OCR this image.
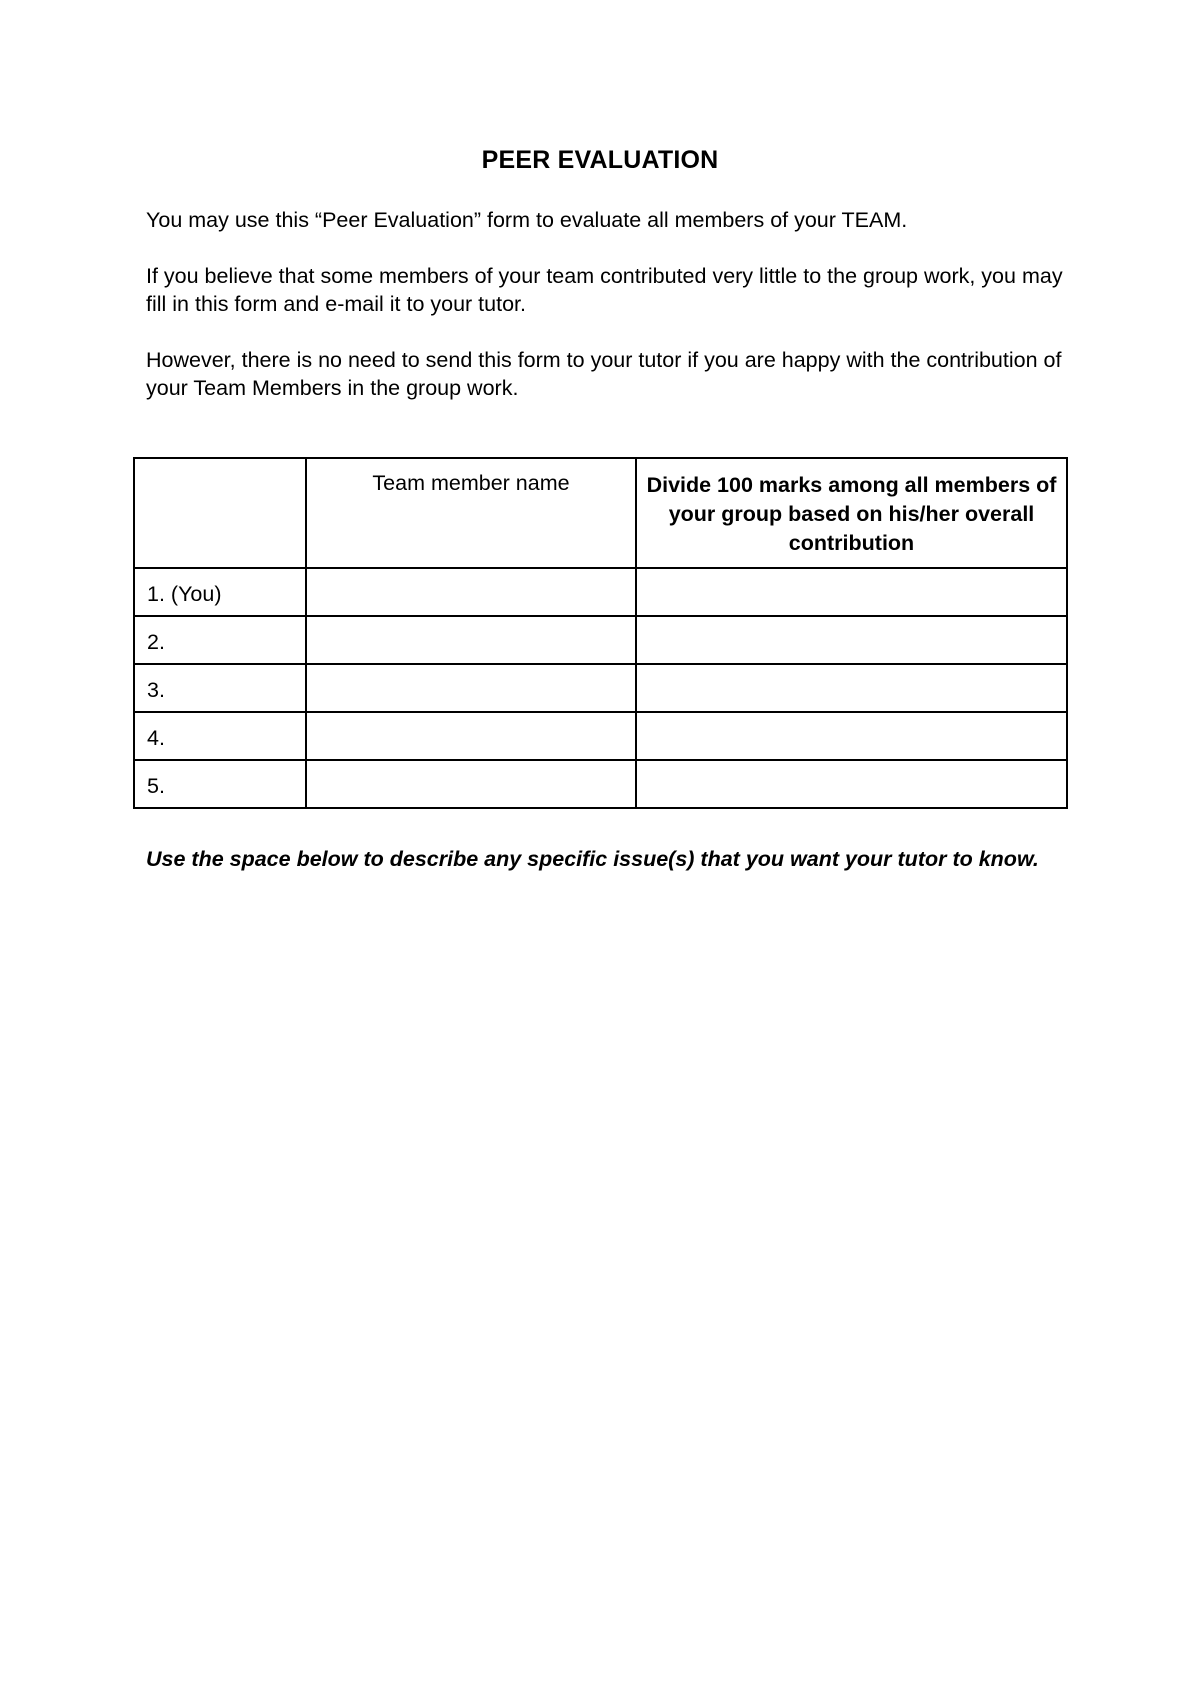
PEER EVALUATION
You may use this “Peer Evaluation” form to evaluate all members of your TEAM.
If you believe that some members of your team contributed very little to the group work, you may fill in this form and e-mail it to your tutor.
However, there is no need to send this form to your tutor if you are happy with the contribution of your Team Members in the group work.
	Team member name	Divide 100 marks among all members of your group based on his/her overall contribution
1. (You)		
2.		
3.		
4.		
5.		
Use the space below to describe any specific issue(s) that you want your tutor to know.
